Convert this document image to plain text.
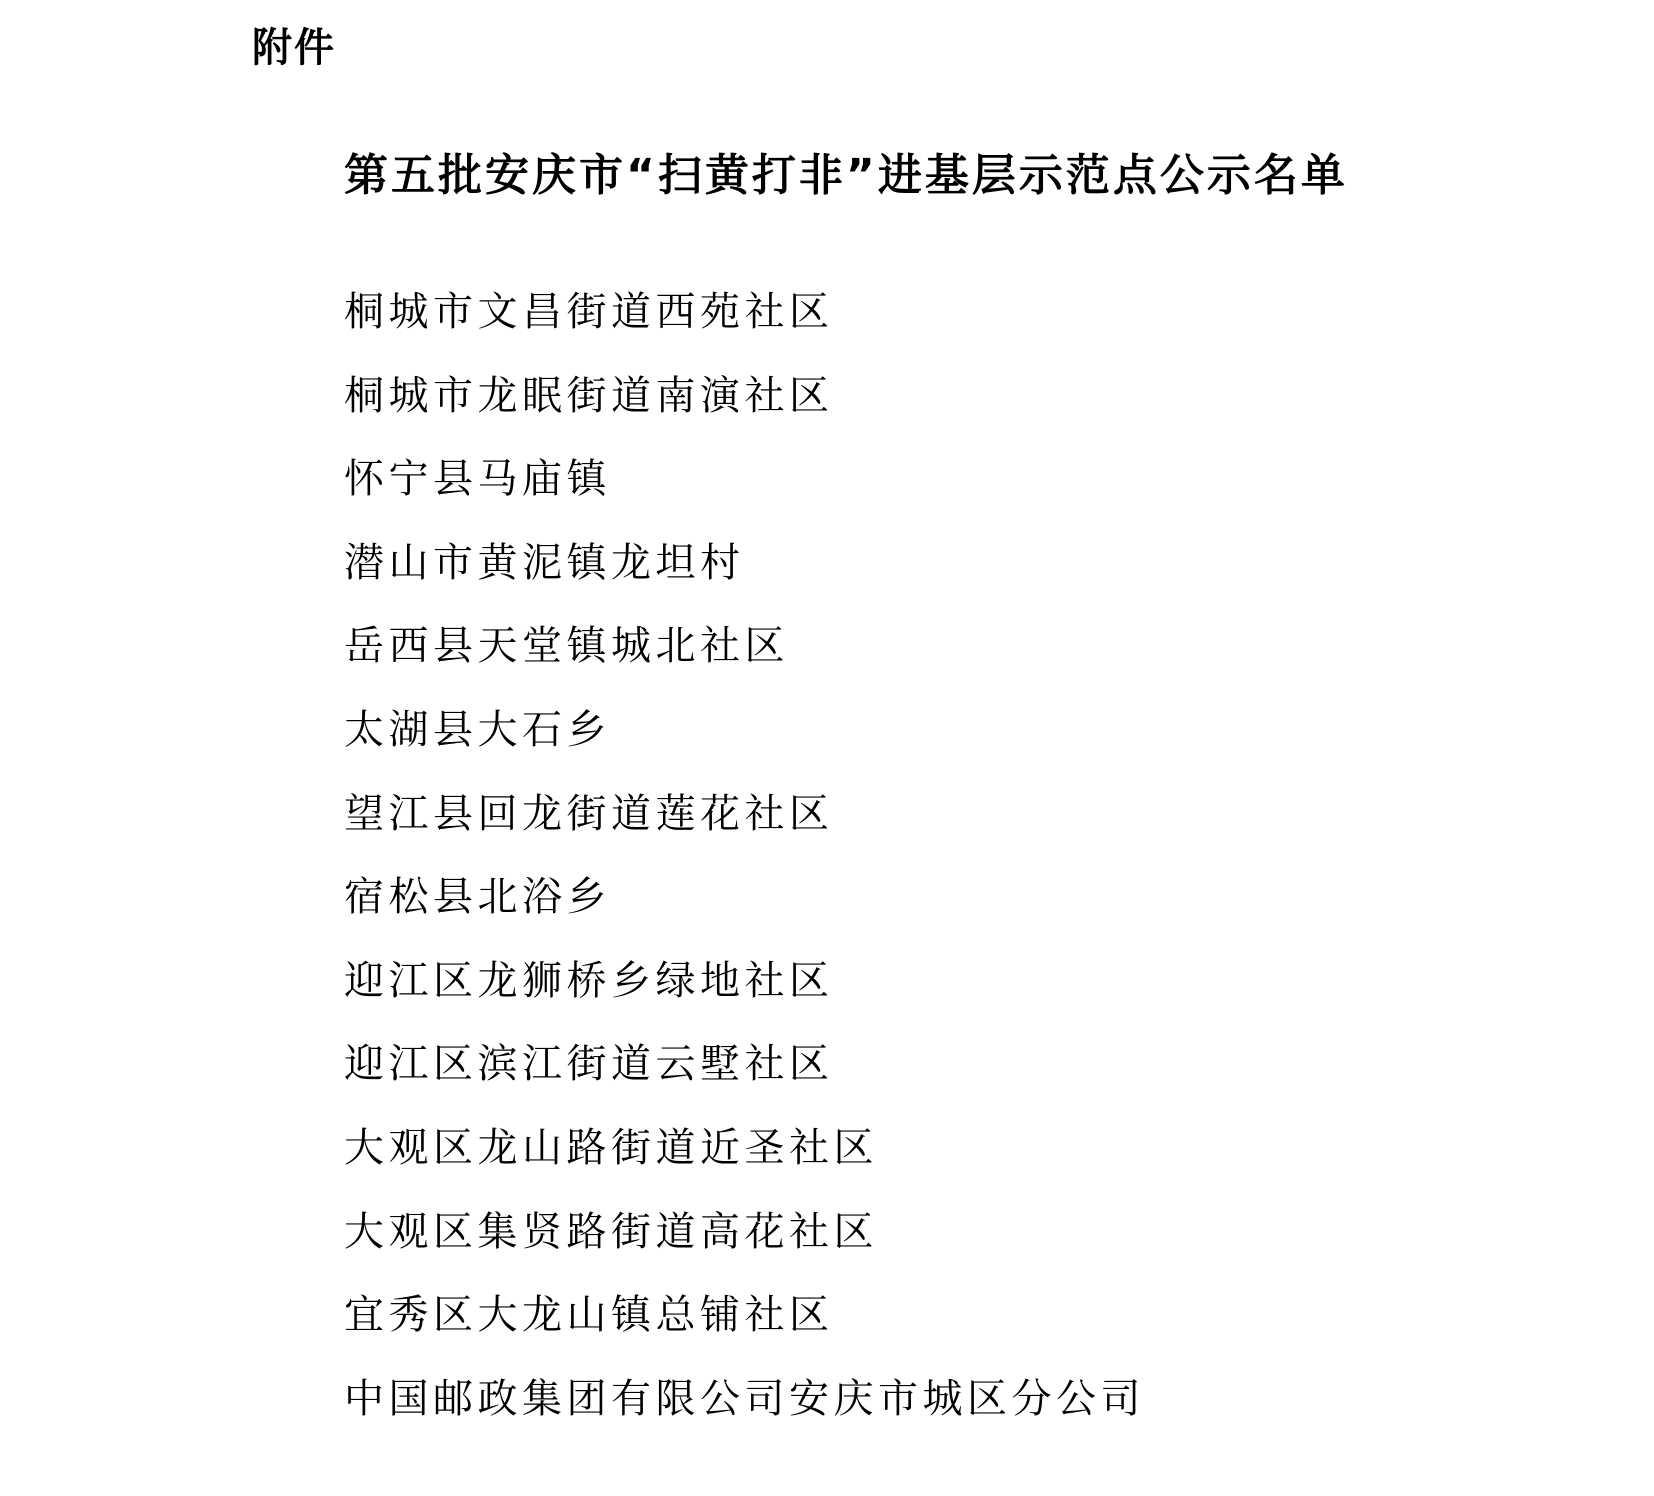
附件
第五批安庆市“扫黄打非”进基层示范点公示名单
桐城市文昌街道西苑社区
桐城市龙眠街道南演社区
怀宁县马庙镇
潜山市黄泥镇龙坦村
岳西县天堂镇城北社区
太湖县大石乡
望江县回龙街道莲花社区
宿松县北浴乡
迎江区龙狮桥乡绿地社区
迎江区滨江街道云墅社区
大观区龙山路街道近圣社区
大观区集贤路街道高花社区
宜秀区大龙山镇总铺社区
中国邮政集团有限公司安庆市城区分公司
